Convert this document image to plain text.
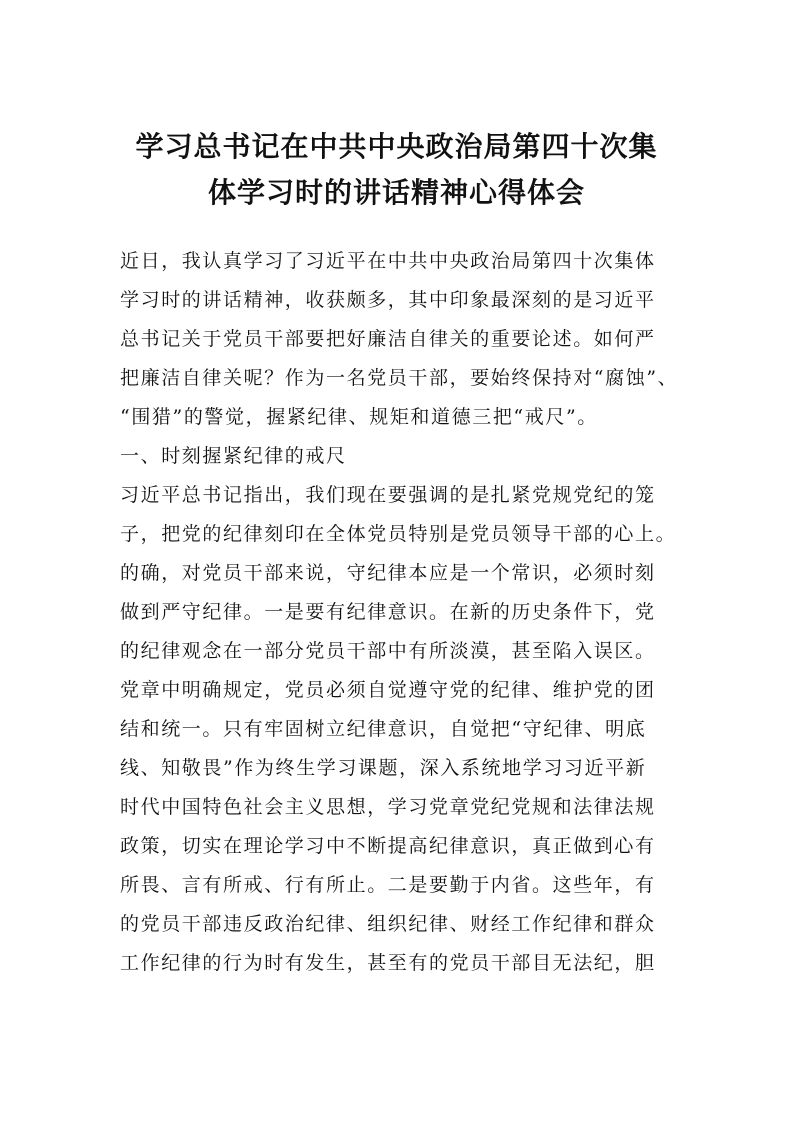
学习总书记在中共中央政治局第四十次集
体学习时的讲话精神心得体会
近日，我认真学习了习近平在中共中央政治局第四十次集体
学习时的讲话精神，收获颇多，其中印象最深刻的是习近平
总书记关于党员干部要把好廉洁自律关的重要论述。如何严
把廉洁自律关呢？作为一名党员干部，要始终保持对“腐蚀”、
“围猎”的警觉，握紧纪律、规矩和道德三把“戒尺”。
一、时刻握紧纪律的戒尺
习近平总书记指出，我们现在要强调的是扎紧党规党纪的笼
子，把党的纪律刻印在全体党员特别是党员领导干部的心上。
的确，对党员干部来说，守纪律本应是一个常识，必须时刻
做到严守纪律。一是要有纪律意识。在新的历史条件下，党
的纪律观念在一部分党员干部中有所淡漠，甚至陷入误区。
党章中明确规定，党员必须自觉遵守党的纪律、维护党的团
结和统一。只有牢固树立纪律意识，自觉把“守纪律、明底
线、知敬畏”作为终生学习课题，深入系统地学习习近平新
时代中国特色社会主义思想，学习党章党纪党规和法律法规
政策，切实在理论学习中不断提高纪律意识，真正做到心有
所畏、言有所戒、行有所止。二是要勤于内省。这些年，有
的党员干部违反政治纪律、组织纪律、财经工作纪律和群众
工作纪律的行为时有发生，甚至有的党员干部目无法纪，胆
